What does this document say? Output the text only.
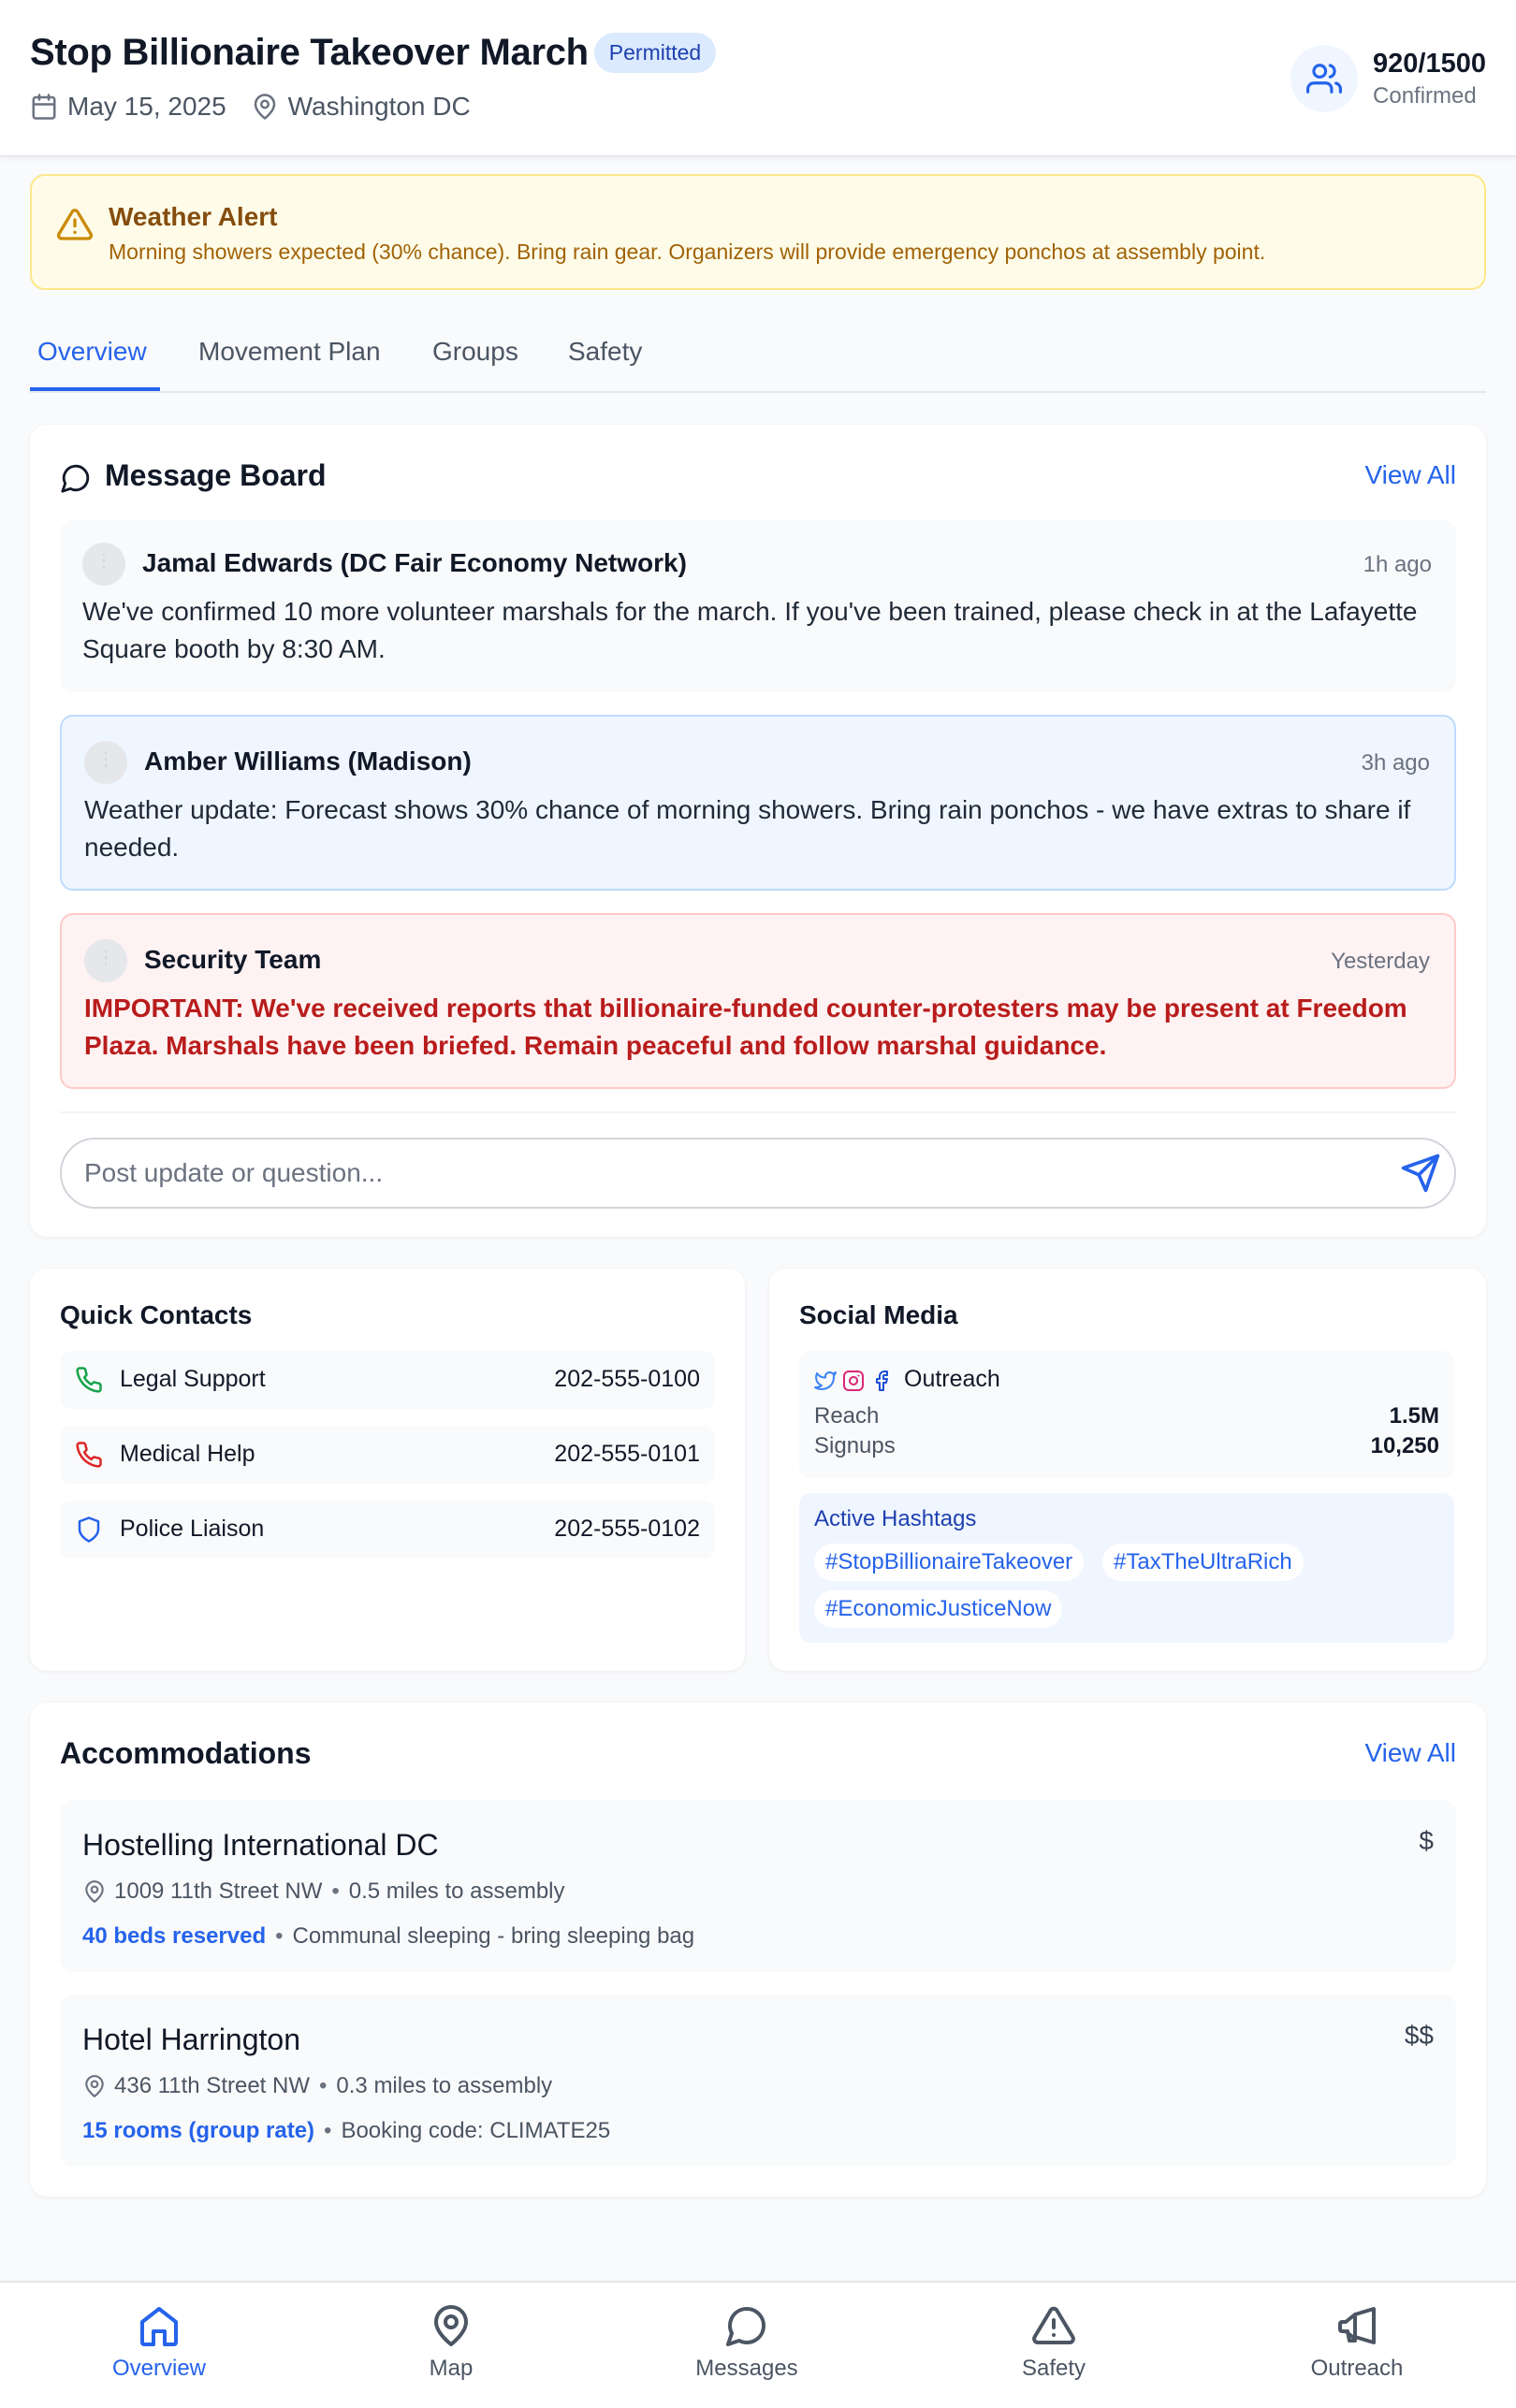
Stop Billionaire Takeover March Permitted
May 15, 2025 Washington DC
920/1500
Confirmed
Weather Alert
Morning showers expected (30% chance). Bring rain gear. Organizers will provide emergency ponchos at assembly point.
Overview Movement Plan Groups Safety
Message Board	View All
⋮
Jamal Edwards (DC Fair Economy Network)	1h ago
We've confirmed 10 more volunteer marshals for the march. If you've been trained, please check in at the Lafayette Square booth by 8:30 AM.
⋮
Amber Williams (Madison)	3h ago
Weather update: Forecast shows 30% chance of morning showers. Bring rain ponchos - we have extras to share if needed.
⋮
Security Team	Yesterday
IMPORTANT: We've received reports that billionaire-funded counter-protesters may be present at Freedom Plaza. Marshals have been briefed. Remain peaceful and follow marshal guidance.
Post update or question...
Quick Contacts
Legal Support	202-555-0100
Medical Help	202-555-0101
Police Liaison	202-555-0102
Social Media
Outreach
Reach	1.5M
Signups	10,250
Active Hashtags
#StopBillionaireTakeover	#TaxTheUltraRich
#EconomicJusticeNow
Accommodations	View All
Hostelling International DC	$
1009 11th Street NW • 0.5 miles to assembly
40 beds reserved • Communal sleeping - bring sleeping bag
Hotel Harrington	$$
436 11th Street NW • 0.3 miles to assembly
15 rooms (group rate) • Booking code: CLIMATE25
Overview	Map	Messages	Safety	Outreach
